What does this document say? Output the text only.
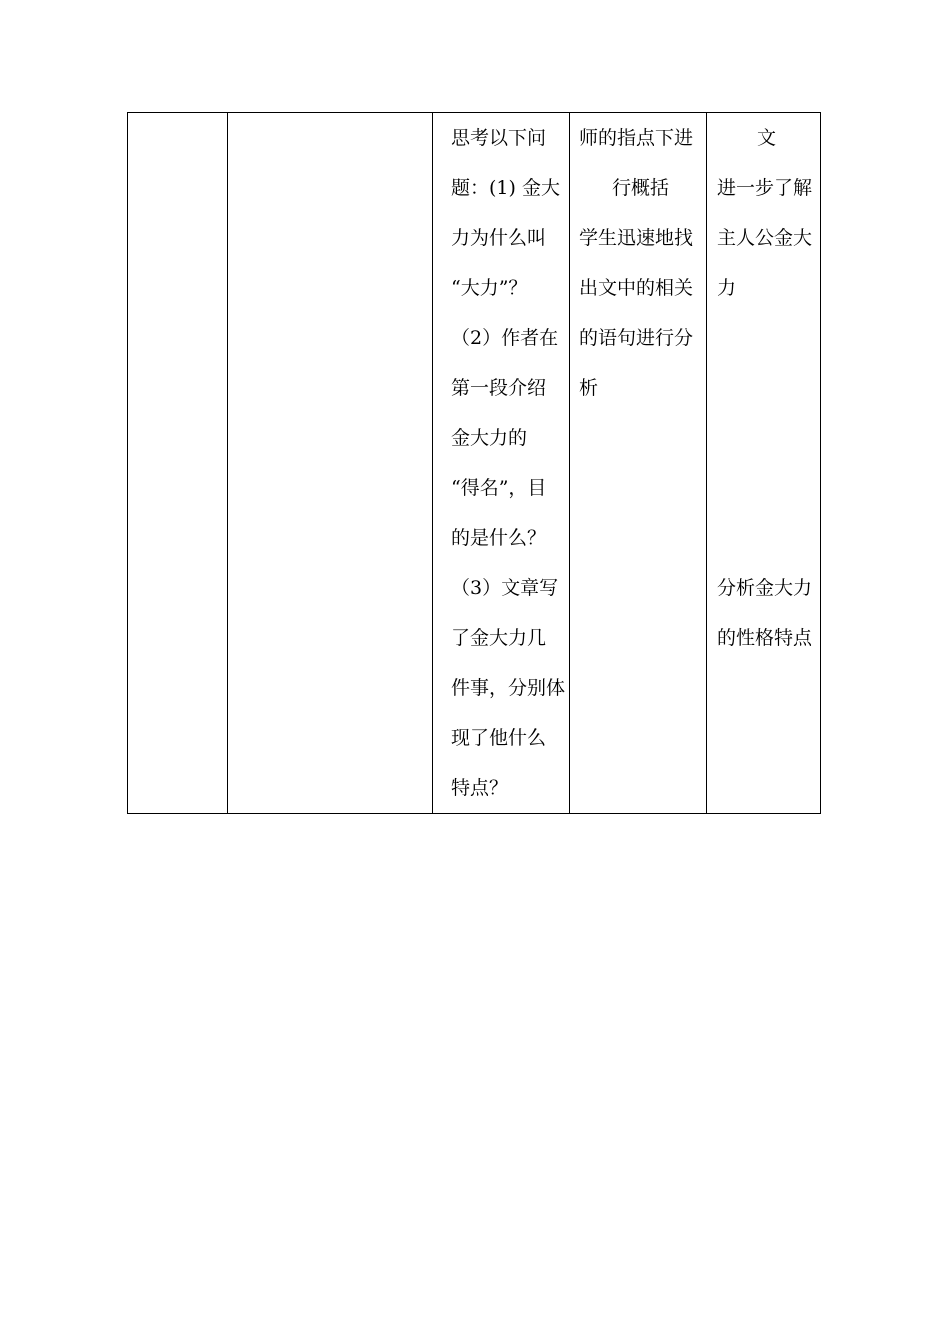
思考以下问
题：(1) 金大
力为什么叫
“大力”？
（2）作者在
第一段介绍
金大力的
“得名”，目
的是什么？
（3）文章写
了金大力几
件事，分别体
现了他什么
特点？

师的指点下进
行概括
学生迅速地找
出文中的相关
的语句进行分
析

文
进一步了解
主人公金大
力
分析金大力
的性格特点
